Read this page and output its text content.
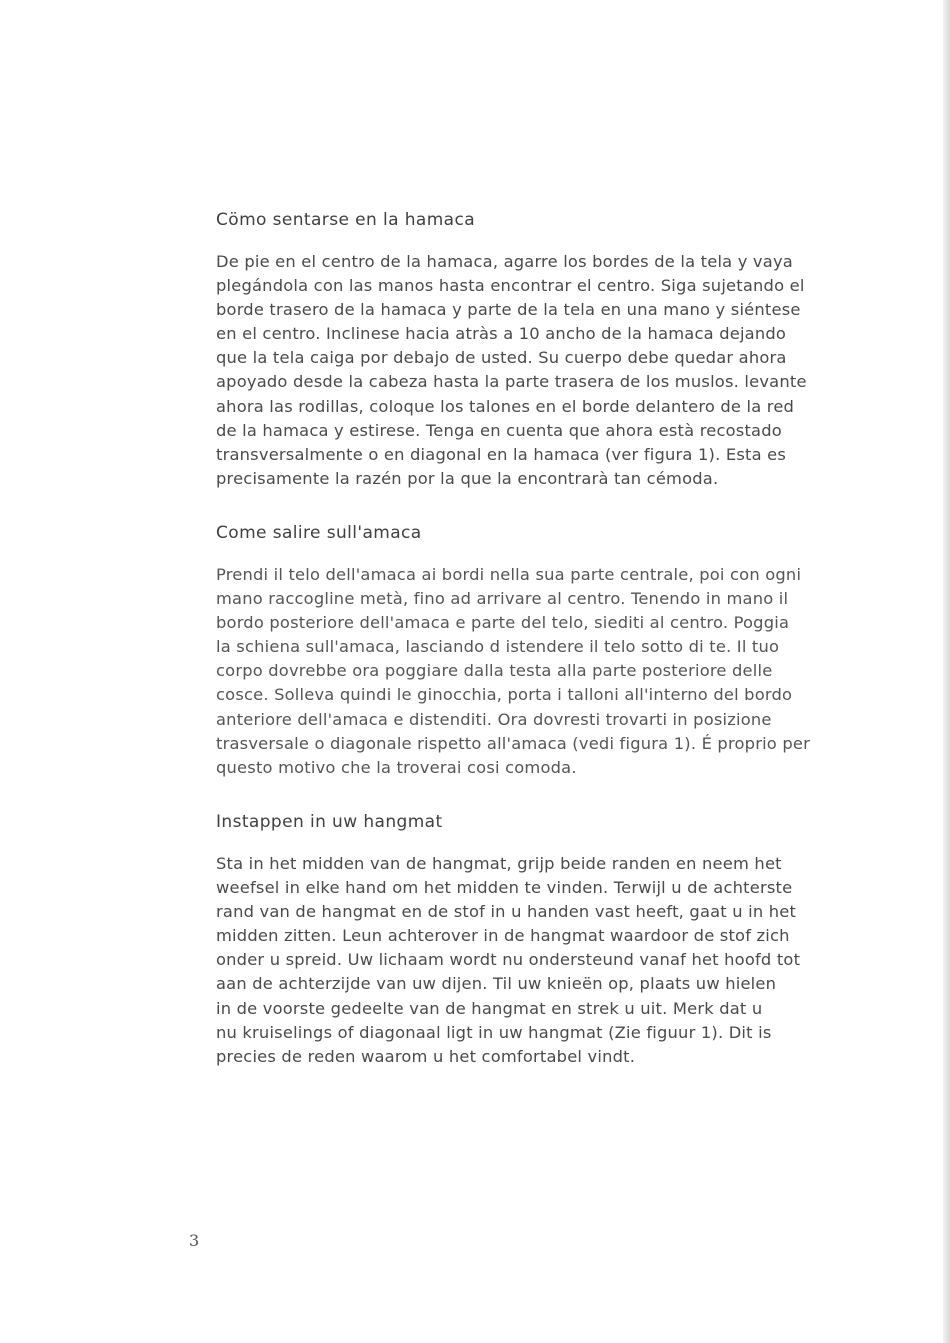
Cömo sentarse en la hamaca

De pie en el centro de la hamaca, agarre los bordes de la tela y vaya
plegándola con las manos hasta encontrar el centro. Siga sujetando el
borde trasero de la hamaca y parte de la tela en una mano y siéntese
en el centro. Inclinese hacia atràs a 10 ancho de la hamaca dejando
que la tela caiga por debajo de usted. Su cuerpo debe quedar ahora
apoyado desde la cabeza hasta la parte trasera de los muslos. levante
ahora las rodillas, coloque los talones en el borde delantero de la red
de la hamaca y estirese. Tenga en cuenta que ahora està recostado
transversalmente o en diagonal en la hamaca (ver figura 1). Esta es
precisamente la razén por la que la encontrarà tan cémoda.

Come salire sull'amaca

Prendi il telo dell'amaca ai bordi nella sua parte centrale, poi con ogni
mano raccogline metà, fino ad arrivare al centro. Tenendo in mano il
bordo posteriore dell'amaca e parte del telo, siediti al centro. Poggia
la schiena sull'amaca, lasciando d istendere il telo sotto di te. Il tuo
corpo dovrebbe ora poggiare dalla testa alla parte posteriore delle
cosce. Solleva quindi le ginocchia, porta i talloni all'interno del bordo
anteriore dell'amaca e distenditi. Ora dovresti trovarti in posizione
trasversale o diagonale rispetto all'amaca (vedi figura 1). É proprio per
questo motivo che la troverai cosi comoda.

Instappen in uw hangmat

Sta in het midden van de hangmat, grijp beide randen en neem het
weefsel in elke hand om het midden te vinden. Terwijl u de achterste
rand van de hangmat en de stof in u handen vast heeft, gaat u in het
midden zitten. Leun achterover in de hangmat waardoor de stof zich
onder u spreid. Uw lichaam wordt nu ondersteund vanaf het hoofd tot
aan de achterzijde van uw dijen. Til uw knieën op, plaats uw hielen
in de voorste gedeelte van de hangmat en strek u uit. Merk dat u
nu kruiselings of diagonaal ligt in uw hangmat (Zie figuur 1). Dit is
precies de reden waarom u het comfortabel vindt.

3
